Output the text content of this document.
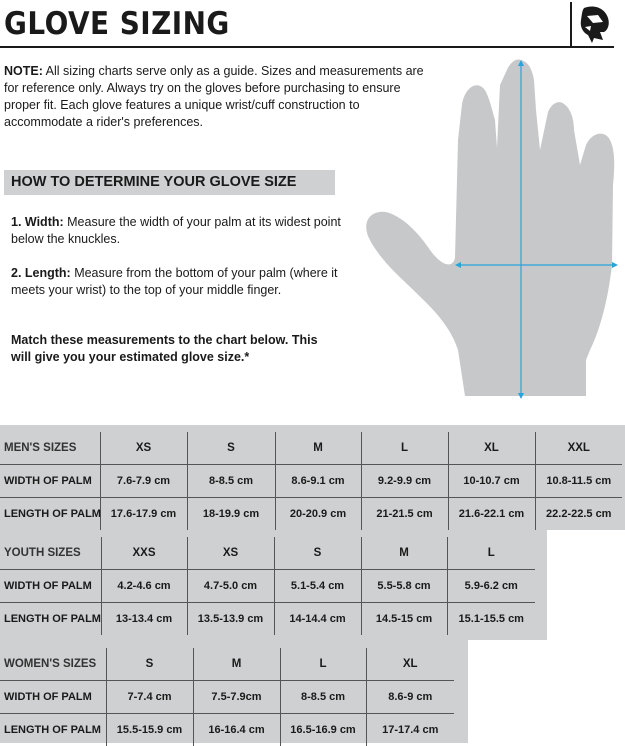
GLOVE SIZING

NOTE: All sizing charts serve only as a guide. Sizes and measurements are for reference only. Always try on the gloves before purchasing to ensure proper fit. Each glove features a unique wrist/cuff construction to accommodate a rider's preferences.

HOW TO DETERMINE YOUR GLOVE SIZE

1. Width: Measure the width of your palm at its widest point below the knuckles.

2. Length: Measure from the bottom of your palm (where it meets your wrist) to the top of your middle finger.

Match these measurements to the chart below. This will give you your estimated glove size.*

MEN'S SIZES	XS	S	M	L	XL	XXL
WIDTH OF PALM	7.6-7.9 cm	8-8.5 cm	8.6-9.1 cm	9.2-9.9 cm	10-10.7 cm	10.8-11.5 cm
LENGTH OF PALM	17.6-17.9 cm	18-19.9 cm	20-20.9 cm	21-21.5 cm	21.6-22.1 cm	22.2-22.5 cm
YOUTH SIZES	XXS	XS	S	M	L
WIDTH OF PALM	4.2-4.6 cm	4.7-5.0 cm	5.1-5.4 cm	5.5-5.8 cm	5.9-6.2 cm
LENGTH OF PALM	13-13.4 cm	13.5-13.9 cm	14-14.4 cm	14.5-15 cm	15.1-15.5 cm
WOMEN'S SIZES	S	M	L	XL
WIDTH OF PALM	7-7.4 cm	7.5-7.9cm	8-8.5 cm	8.6-9 cm
LENGTH OF PALM	15.5-15.9 cm	16-16.4 cm	16.5-16.9 cm	17-17.4 cm
